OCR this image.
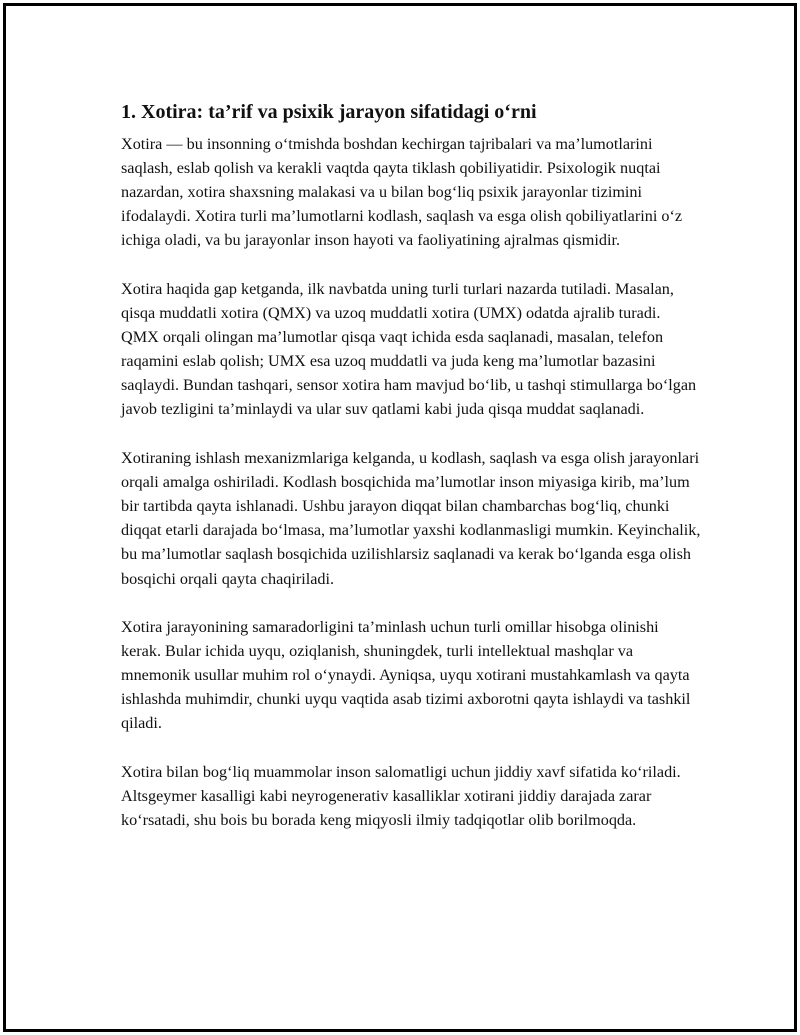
1. Xotira: ta’rif va psixik jarayon sifatidagi o‘rni

Xotira — bu insonning o‘tmishda boshdan kechirgan tajribalari va ma’lumotlarini saqlash, eslab qolish va kerakli vaqtda qayta tiklash qobiliyatidir. Psixologik nuqtai nazardan, xotira shaxsning malakasi va u bilan bog‘liq psixik jarayonlar tizimini ifodalaydi. Xotira turli ma’lumotlarni kodlash, saqlash va esga olish qobiliyatlarini o‘z ichiga oladi, va bu jarayonlar inson hayoti va faoliyatining ajralmas qismidir.

Xotira haqida gap ketganda, ilk navbatda uning turli turlari nazarda tutiladi. Masalan, qisqa muddatli xotira (QMX) va uzoq muddatli xotira (UMX) odatda ajralib turadi. QMX orqali olingan ma’lumotlar qisqa vaqt ichida esda saqlanadi, masalan, telefon raqamini eslab qolish; UMX esa uzoq muddatli va juda keng ma’lumotlar bazasini saqlaydi. Bundan tashqari, sensor xotira ham mavjud bo‘lib, u tashqi stimullarga bo‘lgan javob tezligini ta’minlaydi va ular suv qatlami kabi juda qisqa muddat saqlanadi.

Xotiraning ishlash mexanizmlariga kelganda, u kodlash, saqlash va esga olish jarayonlari orqali amalga oshiriladi. Kodlash bosqichida ma’lumotlar inson miyasiga kirib, ma’lum bir tartibda qayta ishlanadi. Ushbu jarayon diqqat bilan chambarchas bog‘liq, chunki diqqat etarli darajada bo‘lmasa, ma’lumotlar yaxshi kodlanmasligi mumkin. Keyinchalik, bu ma’lumotlar saqlash bosqichida uzilishlarsiz saqlanadi va kerak bo‘lganda esga olish bosqichi orqali qayta chaqiriladi.

Xotira jarayonining samaradorligini ta’minlash uchun turli omillar hisobga olinishi kerak. Bular ichida uyqu, oziqlanish, shuningdek, turli intellektual mashqlar va mnemonik usullar muhim rol o‘ynaydi. Ayniqsa, uyqu xotirani mustahkamlash va qayta ishlashda muhimdir, chunki uyqu vaqtida asab tizimi axborotni qayta ishlaydi va tashkil qiladi.

Xotira bilan bog‘liq muammolar inson salomatligi uchun jiddiy xavf sifatida ko‘riladi. Altsgeymer kasalligi kabi neyrogenerativ kasalliklar xotirani jiddiy darajada zarar ko‘rsatadi, shu bois bu borada keng miqyosli ilmiy tadqiqotlar olib borilmoqda.
